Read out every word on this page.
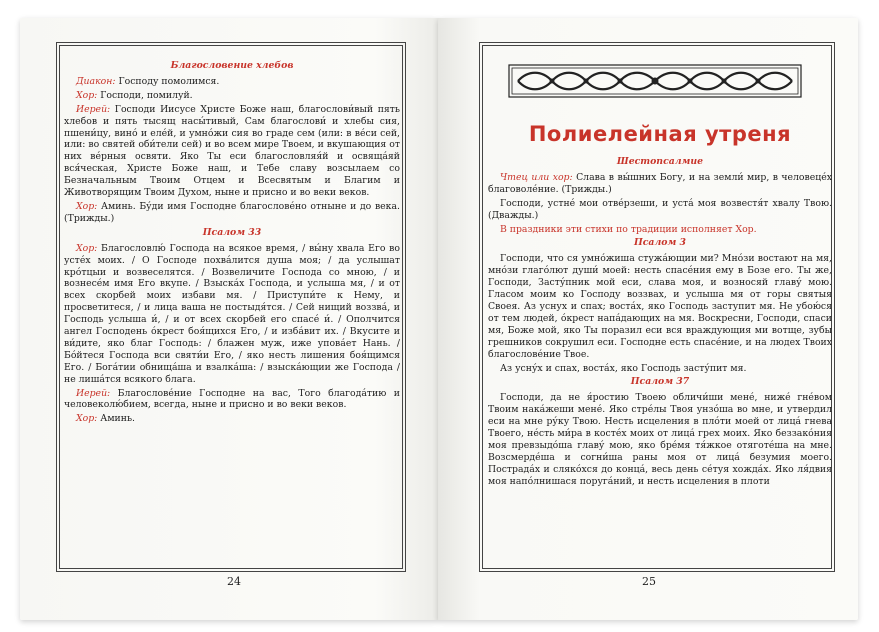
Благословение хлебов
Диакон: Господу помолимся.
Хор: Господи, помилуй.
Иерей: Господи Иисусе Христе Боже наш, благослови́вый пять хлебов и пять тысящ насы́тивый, Сам благослови́ и хлебы сия, пшени́цу, вино́ и еле́й, и умно́жи сия во граде сем (или: в ве́си сей, или: во святей оби́тели сей) и во всем мире Твоем, и вкушающия от них ве́рныя освяти. Яко Ты еси благословляя́й и освяща́яй вся́ческая, Христе Боже наш, и Тебе славу возсылаем со Безначальным Твоим Отцем и Всесвятым и Благим и Животворящим Твоим Духом, ныне и присно и во веки веков.
Хор: Аминь. Бу́ди имя Господне благослове́но отныне и до века. (Трижды.)
Псалом 33
Хор: Благословлю́ Господа на всякое время, / вы́ну хвала Его во усте́х моих. / О Господе похва́лится душа моя; / да услышат кро́тцыи и возвеселятся. / Возвеличите Господа со мною, / и вознесе́м имя Его вкупе. / Взыска́х Господа, и услыша мя, / и от всех скорбей моих избави мя. / Приступи́те к Нему, и просветитеся, / и лица ваша не постыдя́тся. / Сей нищий воззва́, и Господь услыша и́, / и от всех скорбей его спасе́ и́. / Ополчится ангел Господень о́крест боя́щихся Его, / и изба́вит их. / Вкусите и ви́дите, яко благ Господь: / блажен муж, иже упова́ет Нань. / Бо́йтеся Господа вси святи́и Его, / яко несть лишения боя́щимся Его. / Бога́тии обнища́ша и взалка́ша: / взыска́ющии же Господа / не лиша́тся всякого блага.
Иерей: Благослове́ние Господне на вас, Того благода́тию и человеколю́бием, всегда, ныне и присно и во веки веков.
Хор: Аминь.
24
Полиелейная утреня
Шестопсалмие
Чтец или хор: Слава в вы́шних Богу, и на земли́ мир, в человеце́х благоволе́ние. (Трижды.)
Господи, устне́ мои отве́рзеши, и уста́ моя возвестя́т хвалу Твою. (Дважды.)
В праздники эти стихи по традиции исполняет Хор.
Псалом 3
Господи, что ся умно́жиша стужа́ющии ми? Мно́зи воcтают на мя, мно́зи глаго́лют души́ моей: несть спасе́ния ему в Бозе его. Ты же, Господи, Засту́пник мой еси, слава моя, и возносяй главу́ мою. Гласом моим ко Господу воззвах, и услыша мя от горы святыя Своея. Аз уснух и спах; воста́х, яко Господь заступит мя. Не убою́ся от тем людей, о́крест напа́дающих на мя. Воскресни, Господи, спаси мя, Боже мой, яко Ты поразил еси вся враждующия ми вотще, зубы грешников сокрушил еси. Господне есть спасе́ние, и на людех Твоих благослове́ние Твое.
Аз усну́х и спах, воста́х, яко Господь засту́пит мя.
Псалом 37
Господи, да не я́ростию Твоею обличи́ши мене́, ниже́ гне́вом Твоим нака́жеши мене́. Яко стре́лы Твоя унзо́ша во мне, и утвердил еси на мне ру́ку Твою. Несть исцеления в пло́ти моей от лица́ гнева Твоего, не́сть ми́ра в косте́х моих от лица́ грех моих. Яко беззако́ния моя превзыдо́ша главу́ мою, яко бре́мя тя́жкое отяготе́ша на мне. Возсмерде́ша и согни́ша раны моя от лица́ безумия моего. Пострада́х и сляко́хся до конца́, весь день се́туя хожда́х. Яко ля́двия моя напо́лнишася поруга́ний, и несть исцеления в плоти
25
